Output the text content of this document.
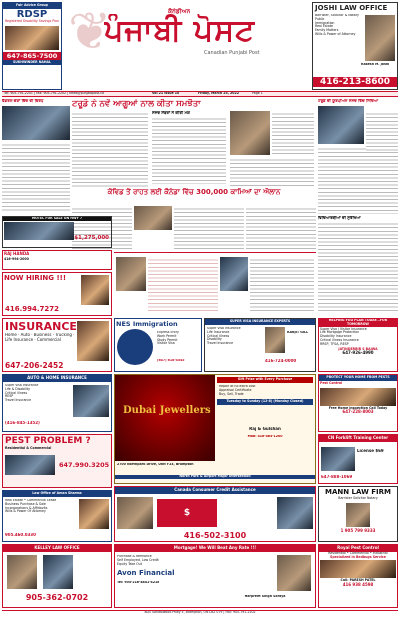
Fair Advice Group
RDSP
Registered Disability Savings Plan
647-865-7500
SUKHWINDER NAHAL ❦	ਕੈਨੇਡੀਅਨ
ਪੰਜਾਬੀ ਪੋਸਟ
Canadian Punjabi Post
JOSHI LAW OFFICE
Barrister, Solicitor & Notary Public
Immigration
Real Estate
Family Matters
Wills & Power of Attorney
Rakesh M. Joshi
416-213-8600
Tel: 905-791-2201 | Fax: 905-791-2202 | news@punjabipost.ca	Vol 21 Issue 10	Friday, March 25, 2022	Page 1
ਫੈਡਰਲ ਚੋਣਾਂ ਵਿੱਚ ਵੀ ਵਿਰੋਧ	ਟਰੂਡੋ ਨੇ ਨਵੇਂ ਆਗੂਆਂ ਨਾਲ ਕੀਤਾ ਸਮਝੌਤਾ
ਸੰਸਦ ਮੈਂਬਰਾਂ ਨੇ ਕੀਤੀ ਮੰਗ
ਟਰੂਡੋ ਦੀ ਯੂਰਪੀਅਨ ਸੰਸਦ ਵਿੱਚ ਨਿੰਦਿਆ
ਕੋਵਿਡ ਤੋਂ ਰਾਹਤ ਲਈ ਕੈਨੇਡਾ ਵਿੱਚ 300,000 ਕਾਮਿਆਂ ਦਾ ਐਲਾਨ
ਵਿਦਿਆਰਥੀਆਂ ਦੀ ਸੁਰੱਖਿਆ
MOTEL FOR SALE ON HWY 7
$1,275,000
RAJ HANDA
416-994-2000
NOW HIRING !!!
416.994.7272
INSURANCE
Home · Auto · Business · Trucking · Life Insurance · Commercial
647-206-2452
NES Immigration
Express Entry
Work Permit
Study Permit
Visitor Visa
(647) 618-4545
SUPER VISA INSURANCE EXPERTS
Super Visa Insurance
Life Insurance
Critical Illness
Disability
Travel Insurance
RANJIT GILL
416-724-0000
HELPING YOU PLAN TODAY...FOR TOMORROW
Super Visa / Visitor Insurance
Life Mortgage Protection
Disability Insurance
Critical illness Insurance
RRSP, TFSA, RESP
JATINDERBIR S BAJWA
647-926-4990
AUTO & HOME INSURANCE
Super visa insurance
Life & Disability
Critical illness
RESP
Travel Insurance
(416-845-1352)
Dubai Jewellers
Gift Prize with Every Purchase
Repair at no extra cost
Appraisal Certificate
Buy, Sell, Trade
Tuesday to Sunday (12-8) (Monday Closed)
Raj & Gulshan
Mob: 416-465-1200
2700 Northpark Drive, Unit F23, Brampton
North Park & Airport Major Intersection
PROTECT YOUR HOME FROM PESTS
Pest Control
Free Home Inspection Call Today
647-228-8003
PEST PROBLEM ?
Residential & Commercial
647.990.3205
CN Forklift Training Center
License $69
647-888-1069
Law Office of Aman Sharma
Real Estate • Commercial Lease
Business Purchase & Sale
Incorporations & Affidavits
Wills & Power Of Attorney
905.460.0330
Canada Consumer Credit Assistance
$
416-502-3100
MANN LAW FIRM
Barrister Solicitor Notary
1 905 799 9333
KELLEY LAW OFFICE
905-362-0702
Mortgage! We Will Beat Any Rate !!!
Purchase & Refinance
Self Employed, Low Credit
Equity Take Out
Avon Financial
Tel: 905-216-4841-4218
Harpreet Singh Soraya
Royal Pest Control
Residential • Commercial • Industrial
Specialized in Bedbugs Service
Call: PARESH PATEL
416 938 4598
8D5 Sandalwood Pkwy E, Brampton, ON L6Z 0T9 | Fax: 905-791-2202
